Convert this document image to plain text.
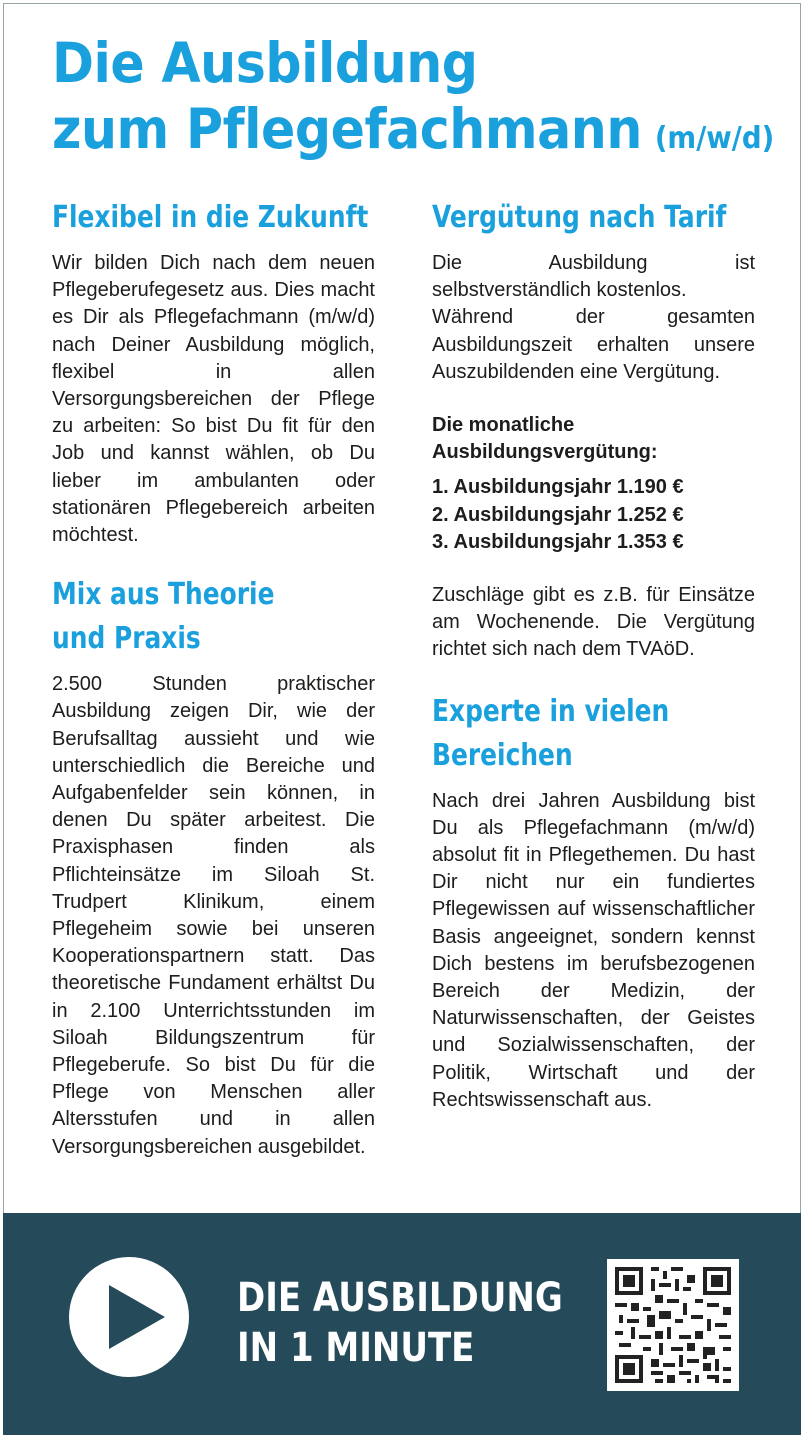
Die Ausbildung
zum Pflegefachmann (m/w/d)
Flexibel in die Zukunft

Wir bilden Dich nach dem neuen Pflegeberufegesetz aus. Dies macht es Dir als Pflegefachmann (m/w/d) nach Deiner Ausbildung möglich, flexibel in allen Versorgungsbereichen der Pflege zu arbeiten: So bist Du fit für den Job und kannst wählen, ob Du lieber im ambulanten oder stationären Pflegebereich arbeiten möchtest.

Mix aus Theorie
und Praxis

2.500 Stunden praktischer Ausbildung zeigen Dir, wie der Berufsalltag aussieht und wie unterschiedlich die Bereiche und Aufgabenfelder sein können, in denen Du später arbeitest. Die Praxisphasen finden als Pflichteinsätze im Siloah St. Trudpert Klinikum, einem Pflegeheim sowie bei unseren Kooperationspartnern statt. Das theoretische Fundament erhältst Du in 2.100 Unterrichtsstunden im Siloah Bildungszentrum für Pflegeberufe. So bist Du für die Pflege von Menschen aller Altersstufen und in allen Versorgungsbereichen ausgebildet.

Vergütung nach Tarif

Die Ausbildung ist selbstverständlich kostenlos.

Während der gesamten Ausbildungszeit erhalten unsere Auszubildenden eine Vergütung.

Die monatliche

Ausbildungsvergütung:

1. Ausbildungsjahr 1.190 €

2. Ausbildungsjahr 1.252 €

3. Ausbildungsjahr 1.353 €

Zuschläge gibt es z.B. für Einsätze am Wochenende. Die Vergütung richtet sich nach dem TVAöD.

Experte in vielen
Bereichen

Nach drei Jahren Ausbildung bist Du als Pflegefachmann (m/w/d) absolut fit in Pflegethemen. Du hast Dir nicht nur ein fundiertes Pflegewissen auf wissenschaftlicher Basis angeeignet, sondern kennst Dich bestens im berufsbezogenen Bereich der Medizin, der Naturwissenschaften, der Geistes und Sozialwissenschaften, der Politik, Wirtschaft und der Rechtswissenschaft aus.

DIE AUSBILDUNG
IN 1 MINUTE
